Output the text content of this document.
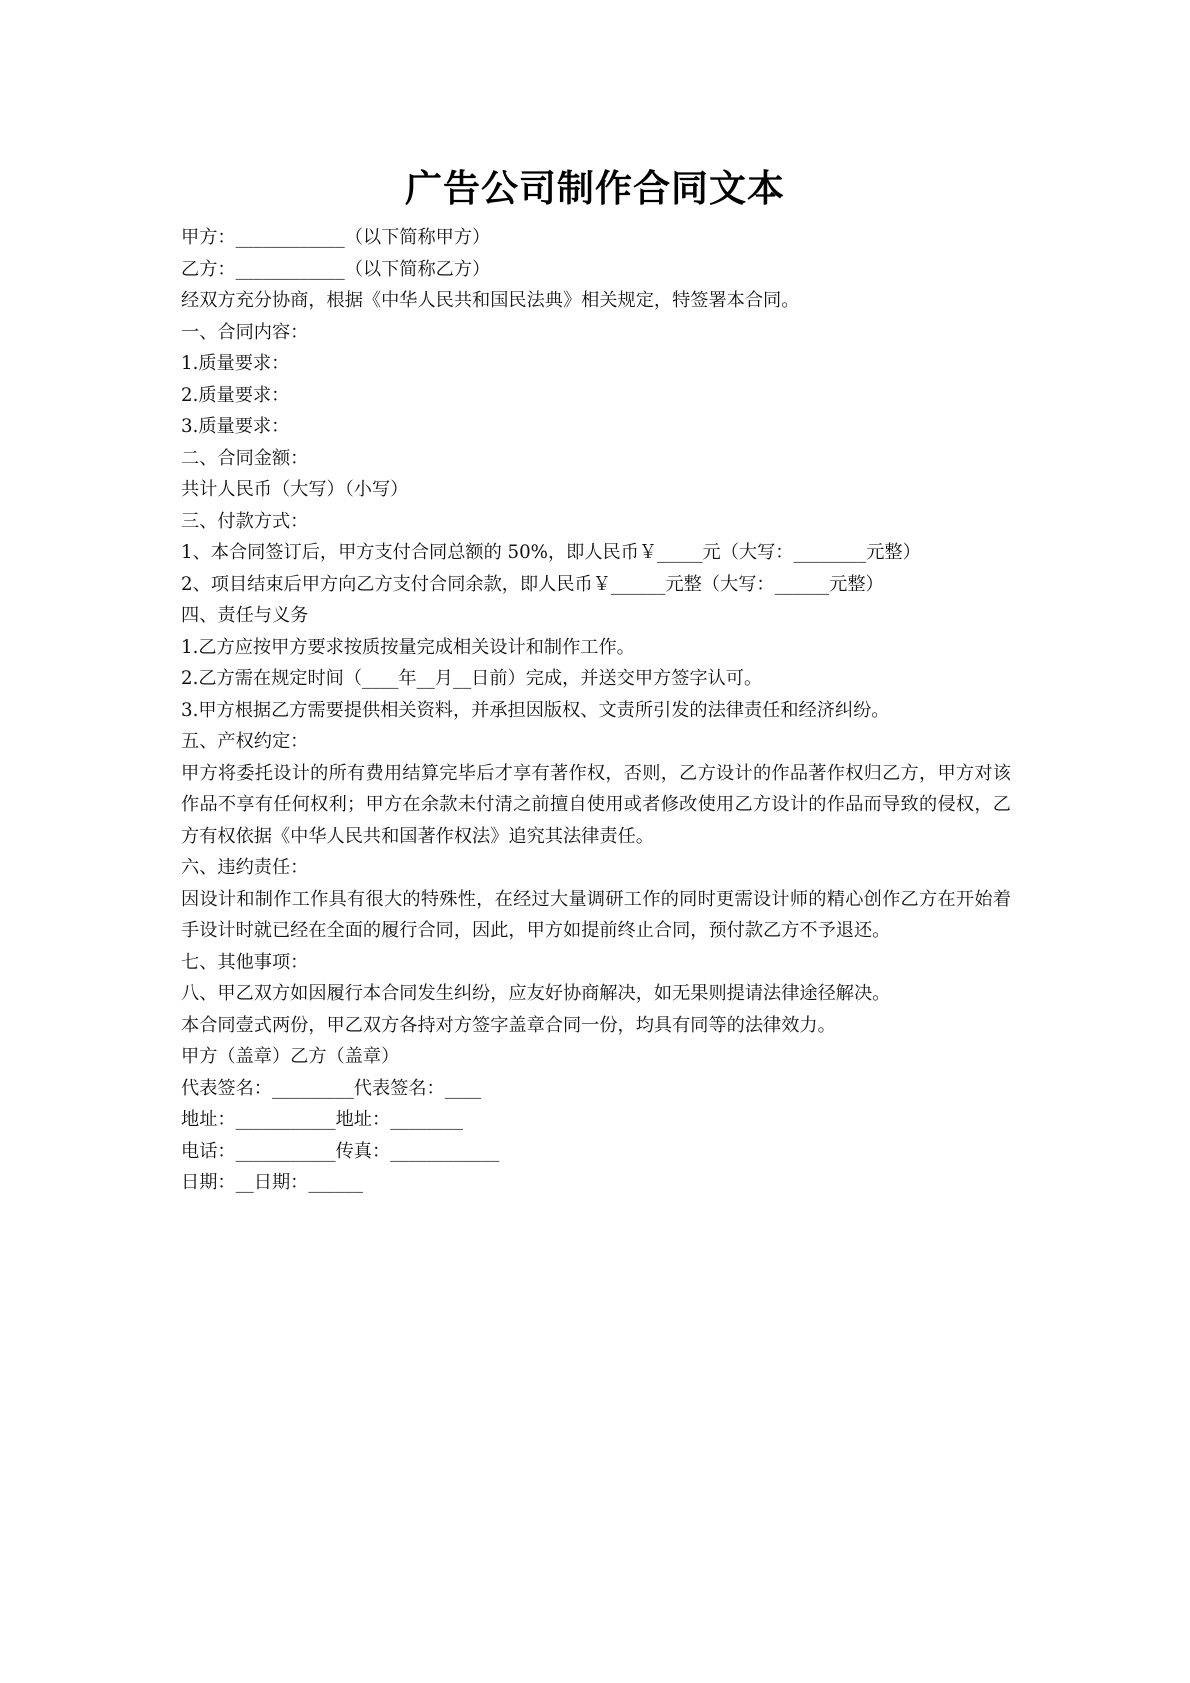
广告公司制作合同文本
甲方：____________（以下简称甲方）
乙方：____________（以下简称乙方）
经双方充分协商，根据《中华人民共和国民法典》相关规定，特签署本合同。
一、合同内容：
1.质量要求：
2.质量要求：
3.质量要求：
二、合同金额：
共计人民币（大写）（小写）
三、付款方式：
1、本合同签订后，甲方支付合同总额的 50%，即人民币￥_____元（大写：________元整）
2、项目结束后甲方向乙方支付合同余款，即人民币￥______元整（大写：______元整）
四、责任与义务
1.乙方应按甲方要求按质按量完成相关设计和制作工作。
2.乙方需在规定时间（____年__月__日前）完成，并送交甲方签字认可。
3.甲方根据乙方需要提供相关资料，并承担因版权、文责所引发的法律责任和经济纠纷。
五、产权约定：
甲方将委托设计的所有费用结算完毕后才享有著作权，否则，乙方设计的作品著作权归乙方，甲方对该作品不享有任何权利；甲方在余款未付清之前擅自使用或者修改使用乙方设计的作品而导致的侵权，乙方有权依据《中华人民共和国著作权法》追究其法律责任。
六、违约责任：
因设计和制作工作具有很大的特殊性，在经过大量调研工作的同时更需设计师的精心创作乙方在开始着手设计时就已经在全面的履行合同，因此，甲方如提前终止合同，预付款乙方不予退还。
七、其他事项：
八、甲乙双方如因履行本合同发生纠纷，应友好协商解决，如无果则提请法律途径解决。
本合同壹式两份，甲乙双方各持对方签字盖章合同一份，均具有同等的法律效力。
甲方（盖章）乙方（盖章）
代表签名：_________代表签名：____
地址：___________地址：________
电话：___________传真：____________
日期：__日期：______
